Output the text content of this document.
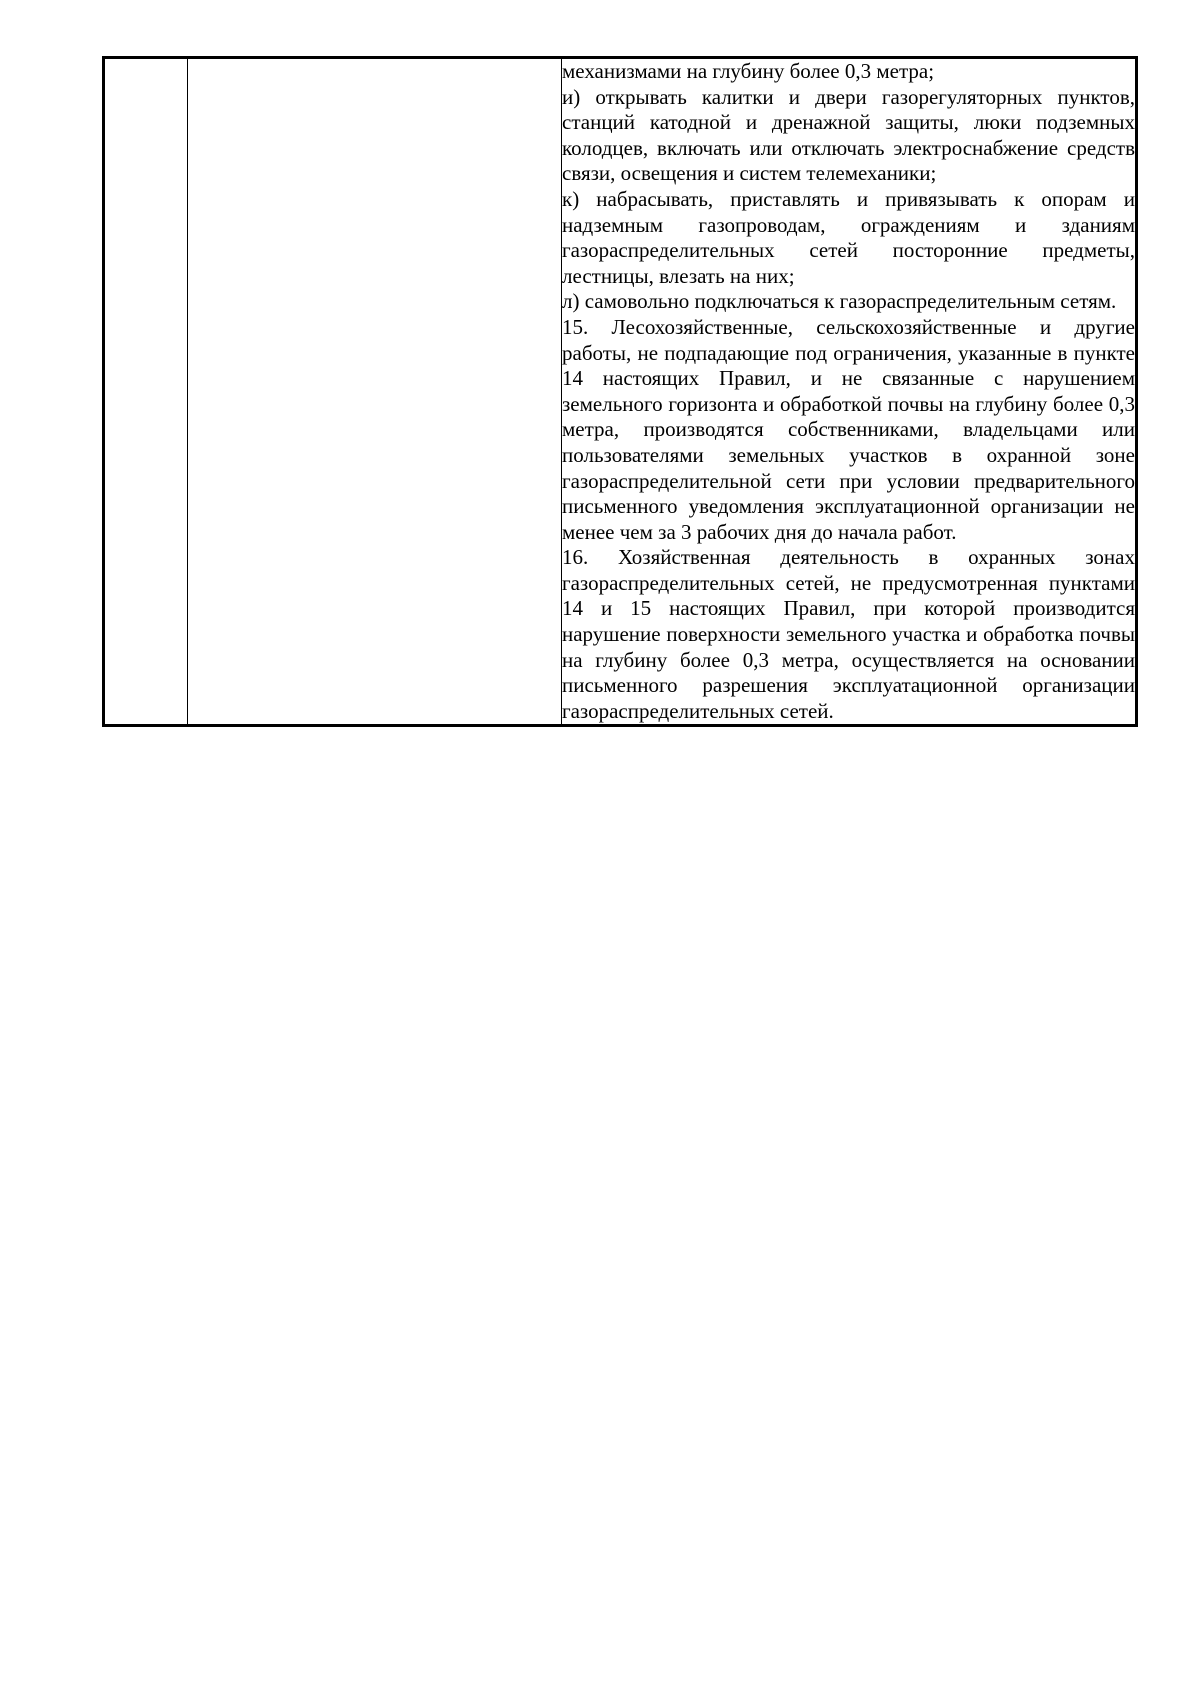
механизмами на глубину более 0,3 метра;

и) открывать калитки и двери газорегуляторных пунктов, станций катодной и дренажной защиты, люки подземных колодцев, включать или отключать электроснабжение средств связи, освещения и систем телемеханики;

к) набрасывать, приставлять и привязывать к опорам и надземным газопроводам, ограждениям и зданиям газораспределительных сетей посторонние предметы, лестницы, влезать на них;

л) самовольно подключаться к газораспределительным сетям.

15. Лесохозяйственные, сельскохозяйственные и другие работы, не подпадающие под ограничения, указанные в пункте 14 настоящих Правил, и не связанные с нарушением земельного горизонта и обработкой почвы на глубину более 0,3 метра, производятся собственниками, владельцами или пользователями земельных участков в охранной зоне газораспределительной сети при условии предварительного письменного уведомления эксплуатационной организации не менее чем за 3 рабочих дня до начала работ.

16. Хозяйственная деятельность в охранных зонах газораспределительных сетей, не предусмотренная пунктами 14 и 15 настоящих Правил, при которой производится нарушение поверхности земельного участка и обработка почвы на глубину более 0,3 метра, осуществляется на основании письменного разрешения эксплуатационной организации газораспределительных сетей.
